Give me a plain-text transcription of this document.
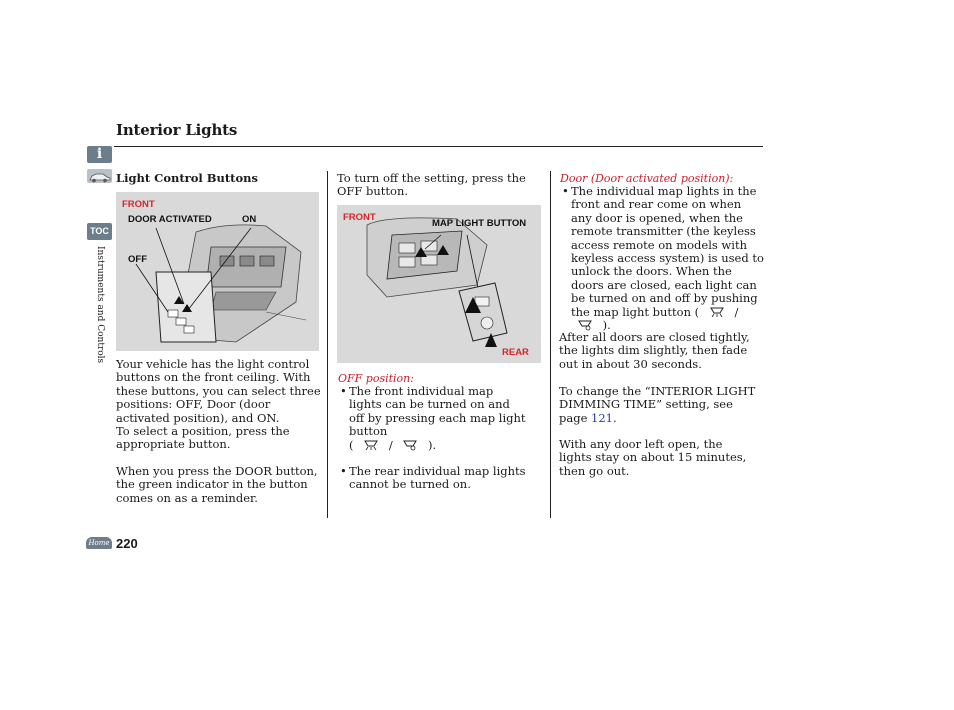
Interior Lights
i
TOC
Instruments and Controls
Light Control Buttons
FRONT
DOOR ACTIVATED	ON
OFF
Your vehicle has the light control buttons on the front ceiling. With these buttons, you can select three positions: OFF, Door (door activated position), and ON.
To select a position, press the appropriate button.
When you press the DOOR button, the green indicator in the button comes on as a reminder.
To turn off the setting, press the OFF button.
FRONT
MAP LIGHT BUTTON
REAR
OFF position:
• The front individual map lights can be turned on and off by pressing each map light button
(	/	).
• The rear individual map lights cannot be turned on.
Door (Door activated position):
• The individual map lights in the front and rear come on when any door is opened, when the remote transmitter (the keyless access remote on models with keyless access system) is used to unlock the doors. When the doors are closed, each light can be turned on and off by pushing the map light button (	/  ).
After all doors are closed tightly, the lights dim slightly, then fade out in about 30 seconds.
To change the “INTERIOR LIGHT DIMMING TIME” setting, see page 121.
With any door left open, the
lights stay on about 15 minutes,
then go out.
Home 220
